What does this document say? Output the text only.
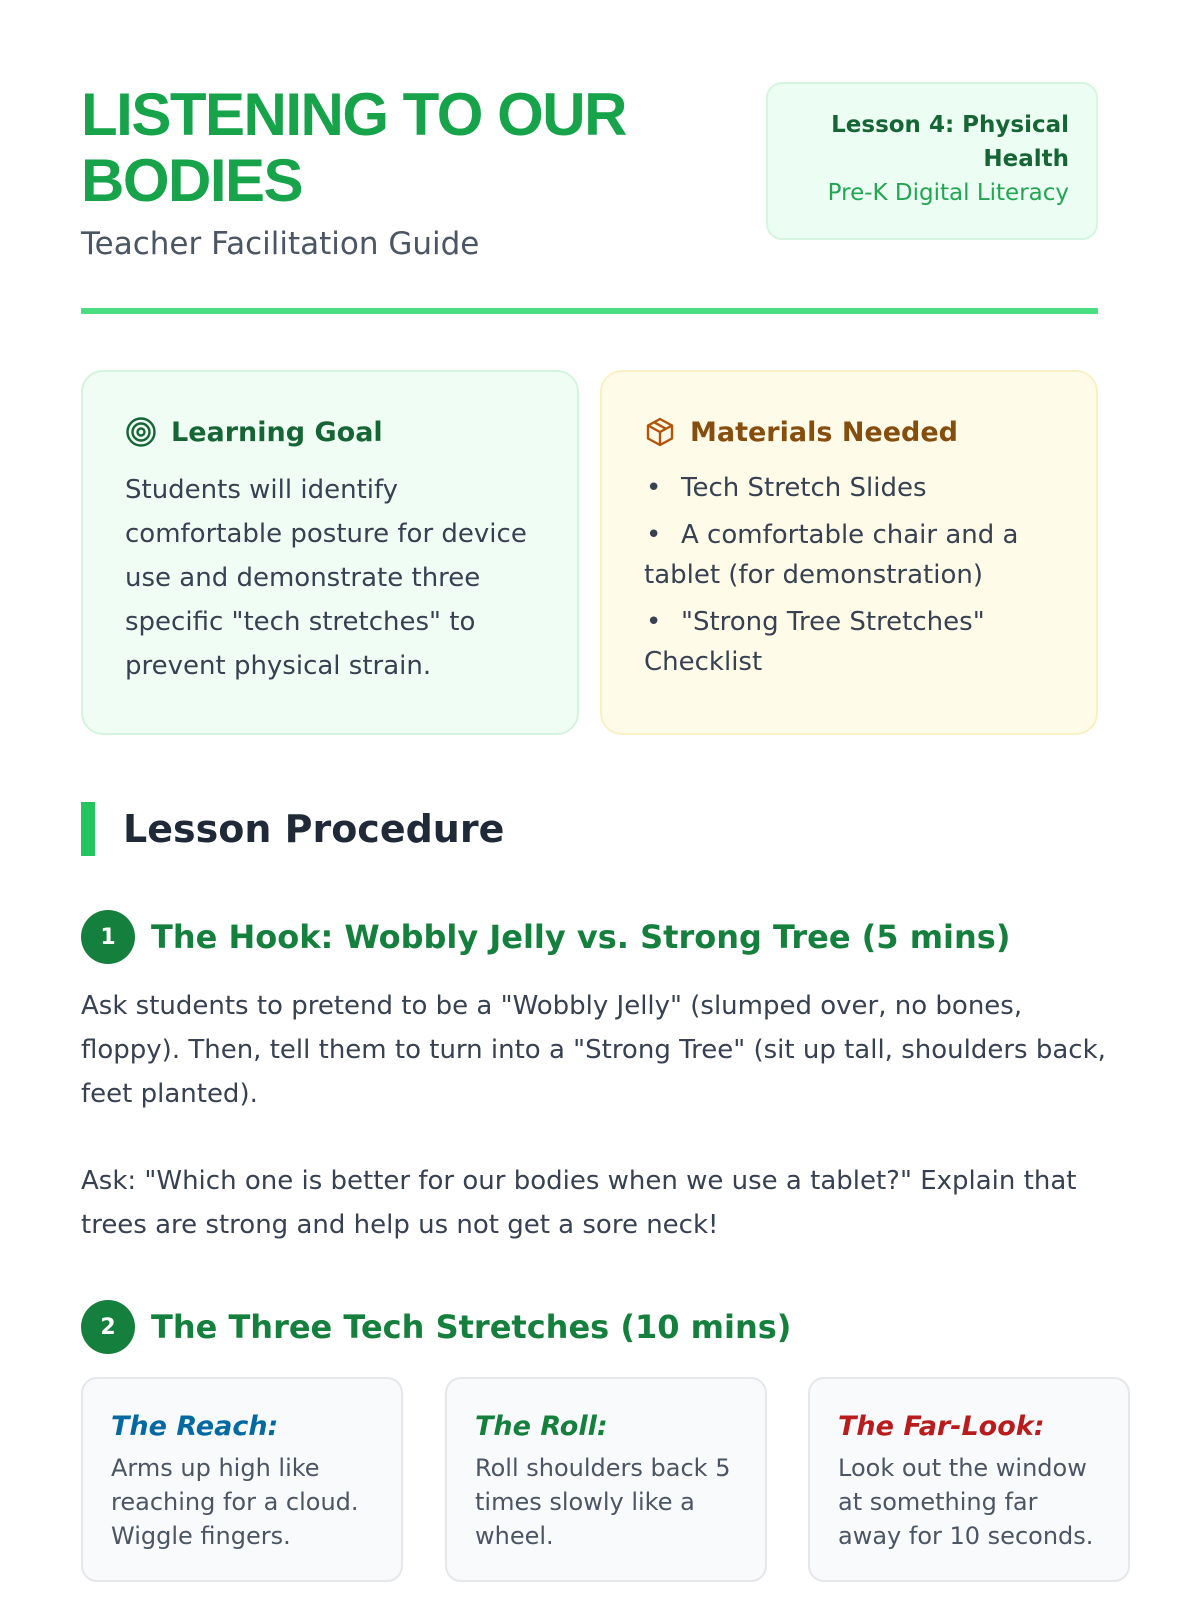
LISTENING TO OUR BODIES
Teacher Facilitation Guide
Lesson 4: Physical Health
Pre-K Digital Literacy
Learning Goal

Students will identify comfortable posture for device use and demonstrate three specific "tech stretches" to prevent physical strain.

Materials Needed
• Tech Stretch Slides
• A comfortable chair and a tablet (for demonstration)
• "Strong Tree Stretches" Checklist
Lesson Procedure
1	The Hook: Wobbly Jelly vs. Strong Tree (5 mins)

Ask students to pretend to be a "Wobbly Jelly" (slumped over, no bones, floppy). Then, tell them to turn into a "Strong Tree" (sit up tall, shoulders back, feet planted).

Ask: "Which one is better for our bodies when we use a tablet?" Explain that trees are strong and help us not get a sore neck!

2	The Three Tech Stretches (10 mins)
The Reach:
Arms up high like reaching for a cloud. Wiggle fingers.
The Roll:
Roll shoulders back 5 times slowly like a wheel.
The Far-Look:
Look out the window at something far away for 10 seconds.
